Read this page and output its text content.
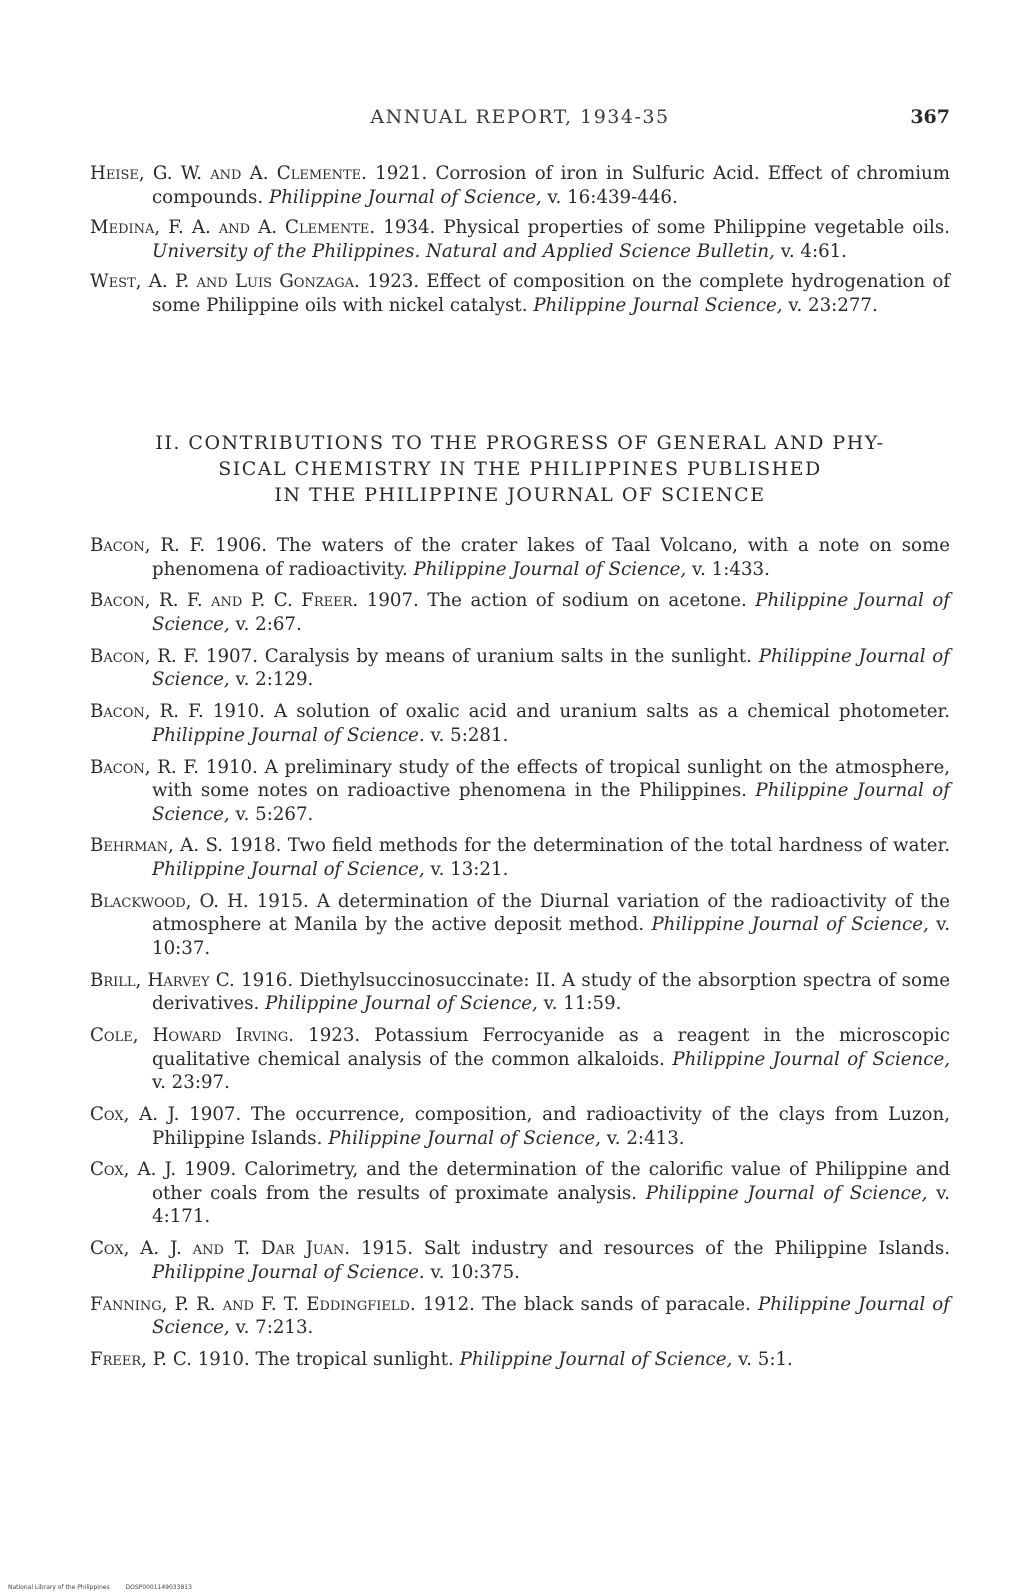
ANNUAL REPORT, 1934-35	367

Heise, G. W. and A. Clemente. 1921. Corrosion of iron in Sulfuric Acid. Effect of chromium compounds. Philippine Journal of Science, v. 16:439-446.

Medina, F. A. and A. Clemente. 1934. Physical properties of some Philippine vegetable oils. University of the Philippines. Natural and Applied Science Bulletin, v. 4:61.

West, A. P. and Luis Gonzaga. 1923. Effect of composition on the complete hydrogenation of some Philippine oils with nickel catalyst. Philippine Journal Science, v. 23:277.

II. CONTRIBUTIONS TO THE PROGRESS OF GENERAL AND PHY-
SICAL CHEMISTRY IN THE PHILIPPINES PUBLISHED
IN THE PHILIPPINE JOURNAL OF SCIENCE

Bacon, R. F. 1906. The waters of the crater lakes of Taal Volcano, with a note on some phenomena of radioactivity. Philippine Journal of Science, v. 1:433.

Bacon, R. F. and P. C. Freer. 1907. The action of sodium on acetone. Philippine Journal of Science, v. 2:67.

Bacon, R. F. 1907. Caralysis by means of uranium salts in the sunlight. Philippine Journal of Science, v. 2:129.

Bacon, R. F. 1910. A solution of oxalic acid and uranium salts as a chemical photometer. Philippine Journal of Science. v. 5:281.

Bacon, R. F. 1910. A preliminary study of the effects of tropical sunlight on the atmosphere, with some notes on radioactive phenomena in the Philippines. Philippine Journal of Science, v. 5:267.

Behrman, A. S. 1918. Two field methods for the determination of the total hardness of water. Philippine Journal of Science, v. 13:21.

Blackwood, O. H. 1915. A determination of the Diurnal variation of the radioactivity of the atmosphere at Manila by the active deposit method. Philippine Journal of Science, v. 10:37.

Brill, Harvey C. 1916. Diethylsuccinosuccinate: II. A study of the absorption spectra of some derivatives. Philippine Journal of Science, v. 11:59.

Cole, Howard Irving. 1923. Potassium Ferrocyanide as a reagent in the microscopic qualitative chemical analysis of the common alkaloids. Philippine Journal of Science, v. 23:97.

Cox, A. J. 1907. The occurrence, composition, and radioactivity of the clays from Luzon, Philippine Islands. Philippine Journal of Science, v. 2:413.

Cox, A. J. 1909. Calorimetry, and the determination of the calorific value of Philippine and other coals from the results of proximate analysis. Philippine Journal of Science, v. 4:171.

Cox, A. J. and T. Dar Juan. 1915. Salt industry and resources of the Philippine Islands. Philippine Journal of Science. v. 10:375.

Fanning, P. R. and F. T. Eddingfield. 1912. The black sands of paracale. Philippine Journal of Science, v. 7:213.

Freer, P. C. 1910. The tropical sunlight. Philippine Journal of Science, v. 5:1.

National Library of the Philippines	DOSP0001149033813
